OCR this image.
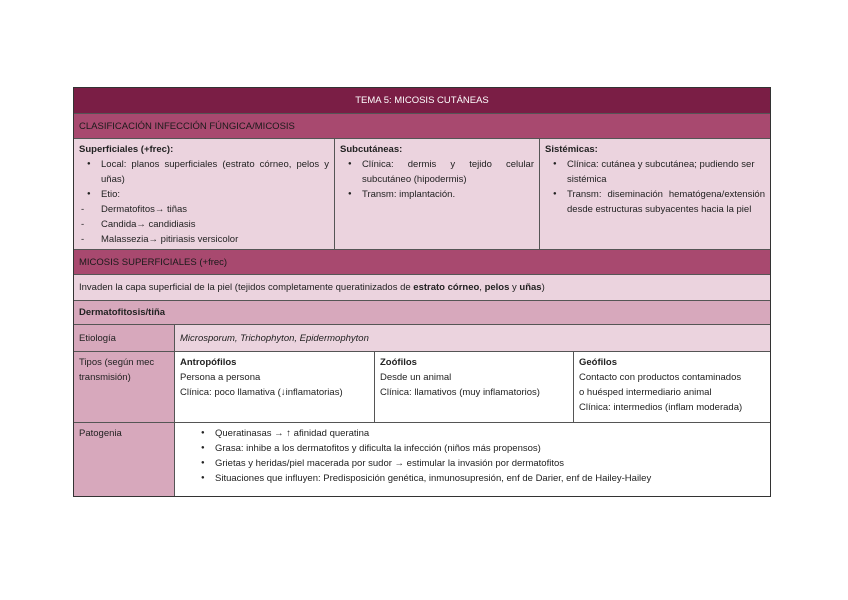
TEMA 5: MICOSIS CUTÁNEAS
CLASIFICACIÓN INFECCIÓN FÚNGICA/MICOSIS
Superficiales (+frec):
● Local: planos superficiales (estrato córneo, pelos y uñas)
● Etio:
- Dermatofitos→ tiñas
- Candida→ candidiasis
- Malassezia→ pitiriasis versicolor
Subcutáneas:
● Clínica: dermis y tejido celular subcutáneo (hipodermis)
● Transm: implantación.
Sistémicas:
● Clínica: cutánea y subcutánea; pudiendo ser sistémica
● Transm: diseminación hematógena/extensión desde estructuras subyacentes hacia la piel
MICOSIS SUPERFICIALES (+frec)
Invaden la capa superficial de la piel (tejidos completamente queratinizados de estrato córneo, pelos y uñas)
Dermatofitosis/tiña
Etiología	Microsporum, Trichophyton, Epidermophyton
Tipos (según mec transmisión)
Antropófilos
Persona a persona
Clínica: poco llamativa (↓inflamatorias)
Zoófilos
Desde un animal
Clínica: llamativos (muy inflamatorios)
Geófilos
Contacto con productos contaminados
o huésped intermediario animal
Clínica: intermedios (inflam moderada)
Patogenia
●	Queratinasas → ↑ afinidad queratina
● Grasa: inhibe a los dermatofitos y dificulta la infección (niños más propensos)
● Grietas y heridas/piel macerada por sudor → estimular la invasión por dermatofitos
● Situaciones que influyen: Predisposición genética, inmunosupresión, enf de Darier, enf de Hailey-Hailey
